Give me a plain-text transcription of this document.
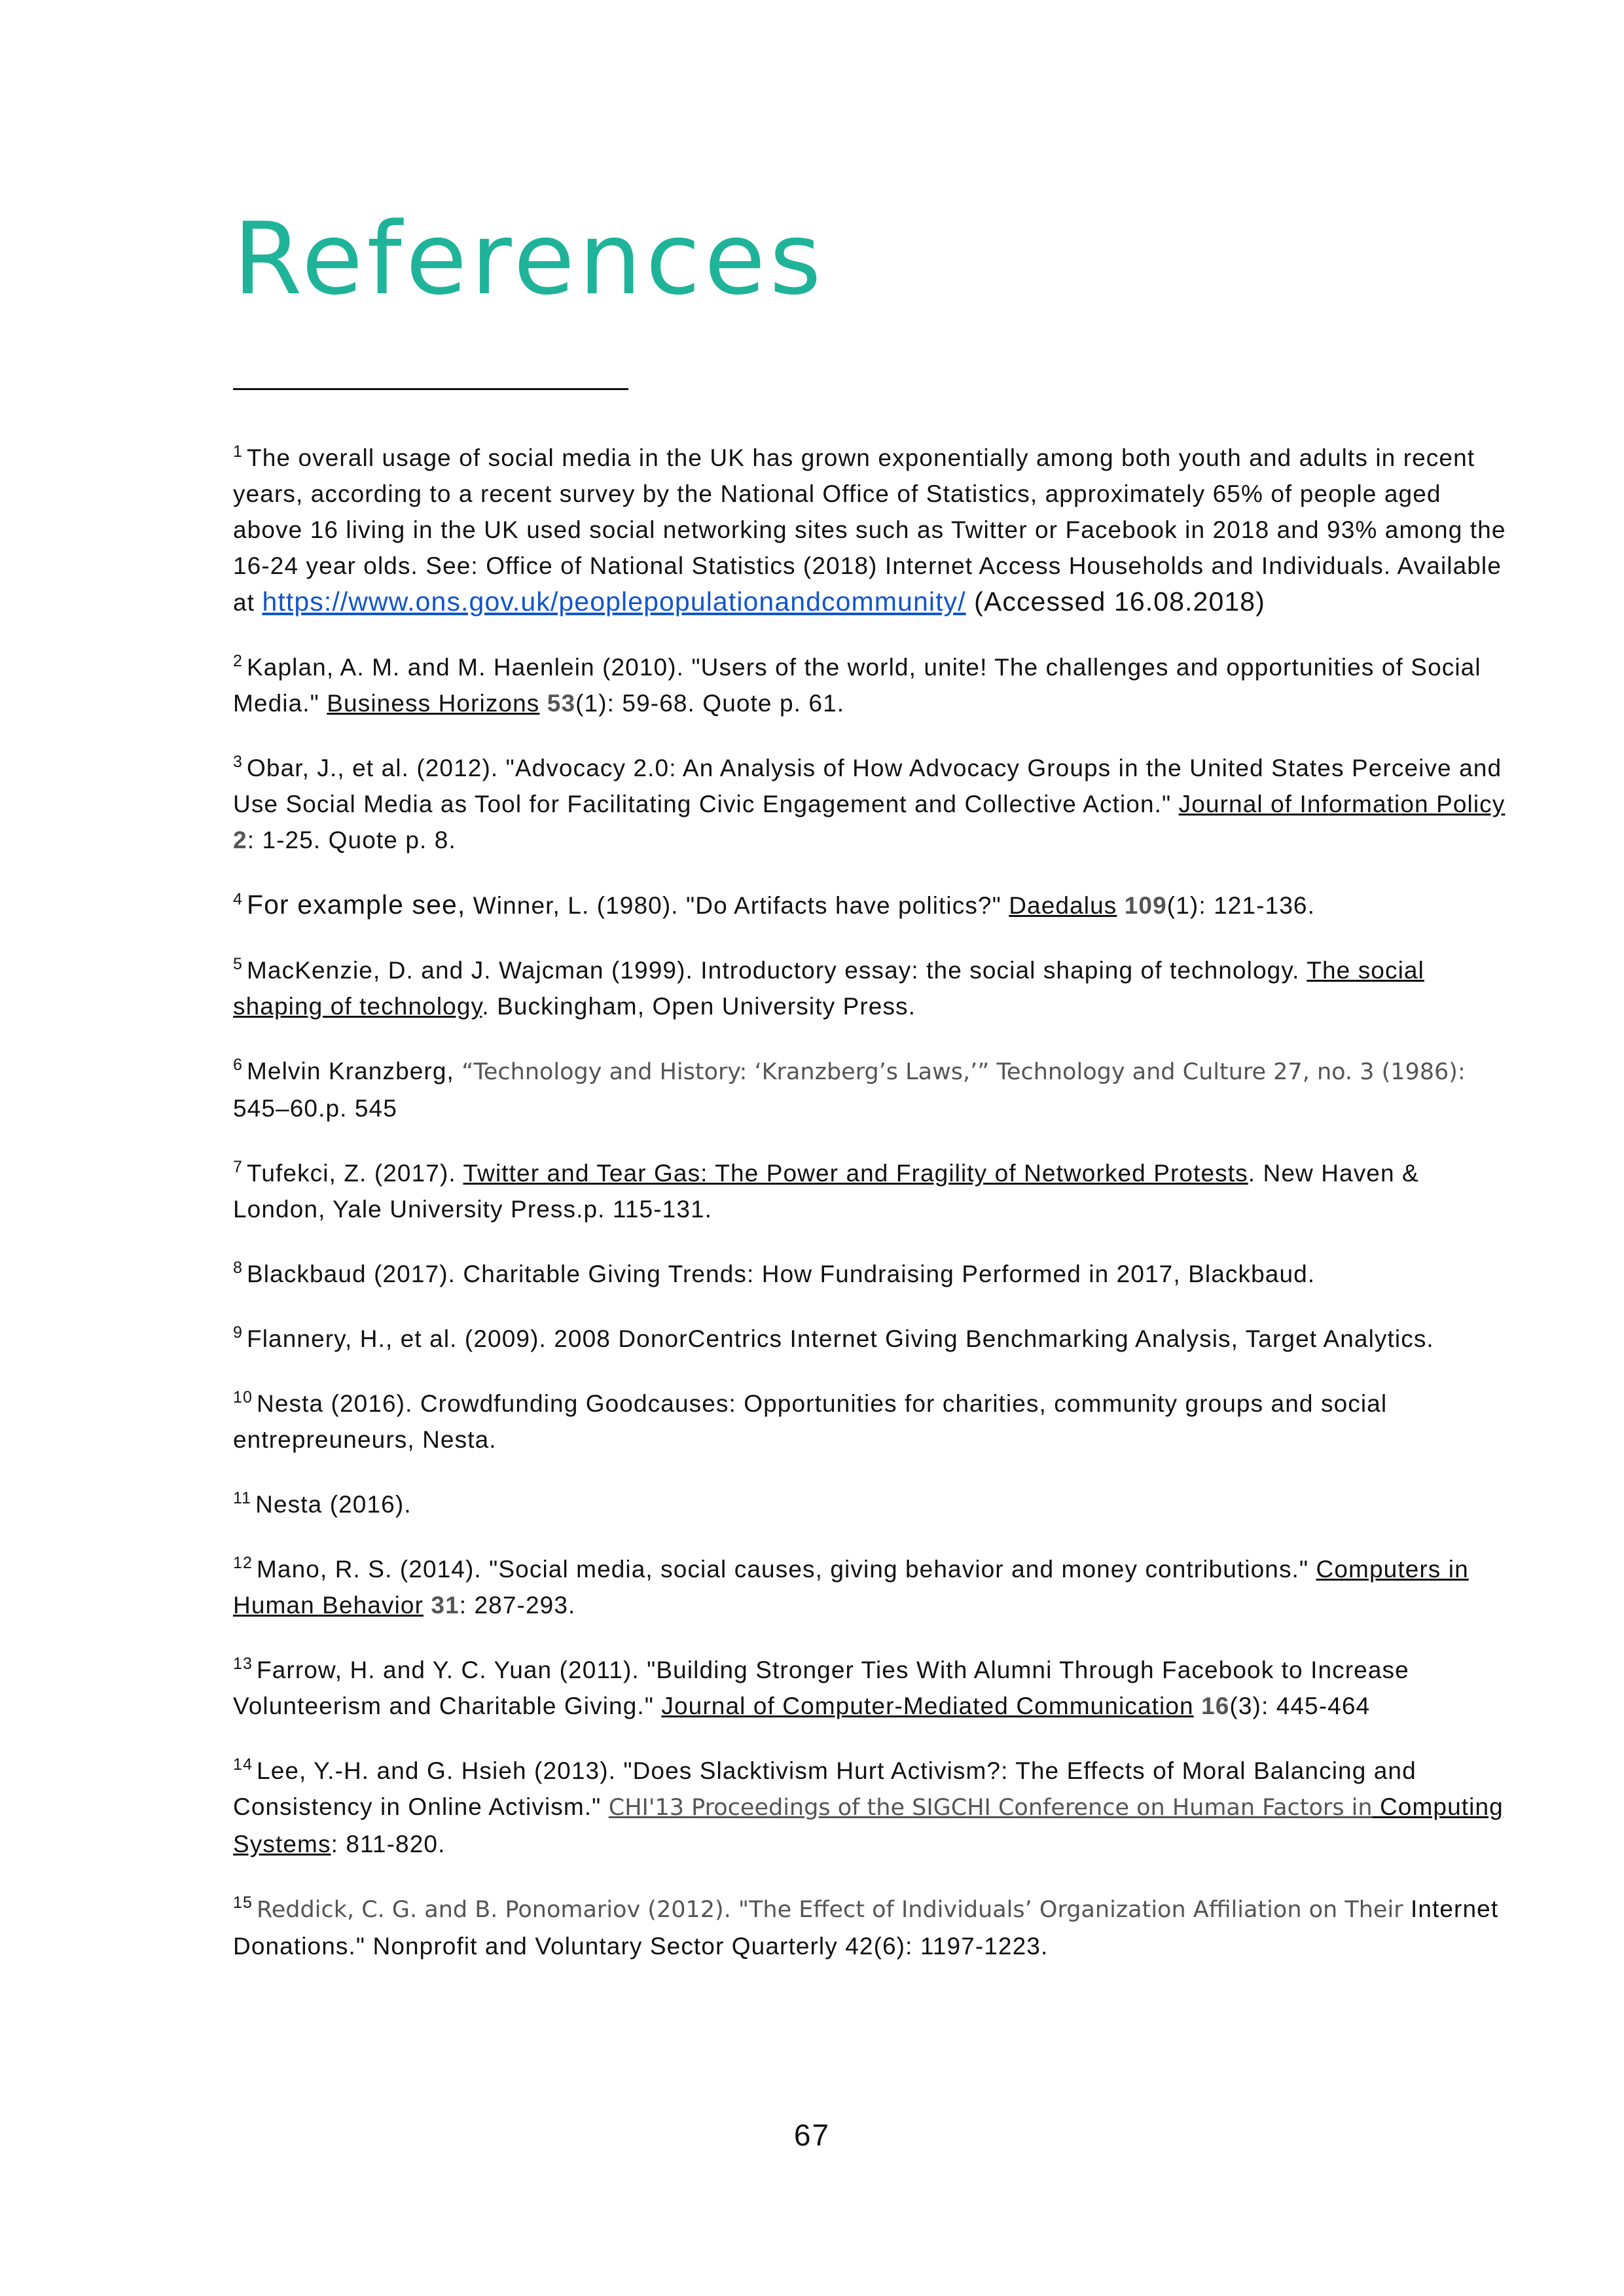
References

$^1$ The overall usage of social media in the UK has grown exponentially among both youth and adults in recent years, according to a recent survey by the National Office of Statistics, approximately 65% of people aged above 16 living in the UK used social networking sites such as Twitter or Facebook in 2018 and 93% among the 16-24 year olds. See: Office of National Statistics (2018) Internet Access Households and Individuals. Available at https://www.ons.gov.uk/peoplepopulationandcommunity/ (Accessed 16.08.2018)

$^2$ Kaplan, A. M. and M. Haenlein (2010). "Users of the world, unite! The challenges and opportunities of Social Media." Business Horizons 53(1): 59-68. Quote p. 61.

$^3$ Obar, J., et al. (2012). "Advocacy 2.0: An Analysis of How Advocacy Groups in the United States Perceive and Use Social Media as Tool for Facilitating Civic Engagement and Collective Action." Journal of Information Policy 2: 1-25. Quote p. 8.

$^4$ For example see, Winner, L. (1980). "Do Artifacts have politics?" Daedalus 109(1): 121-136.

$^5$ MacKenzie, D. and J. Wajcman (1999). Introductory essay: the social shaping of technology. The social shaping of technology. Buckingham, Open University Press.

$^6$ Melvin Kranzberg, “Technology and History: ‘Kranzberg’s Laws,’” Technology and Culture 27, no. 3 (1986): 545–60.p. 545

$^7$ Tufekci, Z. (2017). Twitter and Tear Gas: The Power and Fragility of Networked Protests. New Haven & London, Yale University Press.p. 115-131.

$^8$ Blackbaud (2017). Charitable Giving Trends: How Fundraising Performed in 2017, Blackbaud.

$^9$ Flannery, H., et al. (2009). 2008 DonorCentrics Internet Giving Benchmarking Analysis, Target Analytics.

$^{10}$ Nesta (2016). Crowdfunding Goodcauses: Opportunities for charities, community groups and social entrepreuneurs, Nesta.

$^{11}$ Nesta (2016).

$^{12}$ Mano, R. S. (2014). "Social media, social causes, giving behavior and money contributions." Computers in Human Behavior 31: 287-293.

$^{13}$ Farrow, H. and Y. C. Yuan (2011). "Building Stronger Ties With Alumni Through Facebook to Increase Volunteerism and Charitable Giving." Journal of Computer-Mediated Communication 16(3): 445-464

$^{14}$ Lee, Y.-H. and G. Hsieh (2013). "Does Slacktivism Hurt Activism?: The Effects of Moral Balancing and Consistency in Online Activism." CHI'13 Proceedings of the SIGCHI Conference on Human Factors in Computing Systems: 811-820.

$^{15}$ Reddick, C. G. and B. Ponomariov (2012). "The Effect of Individuals’ Organization Affiliation on Their Internet Donations." Nonprofit and Voluntary Sector Quarterly 42(6): 1197-1223.

67
